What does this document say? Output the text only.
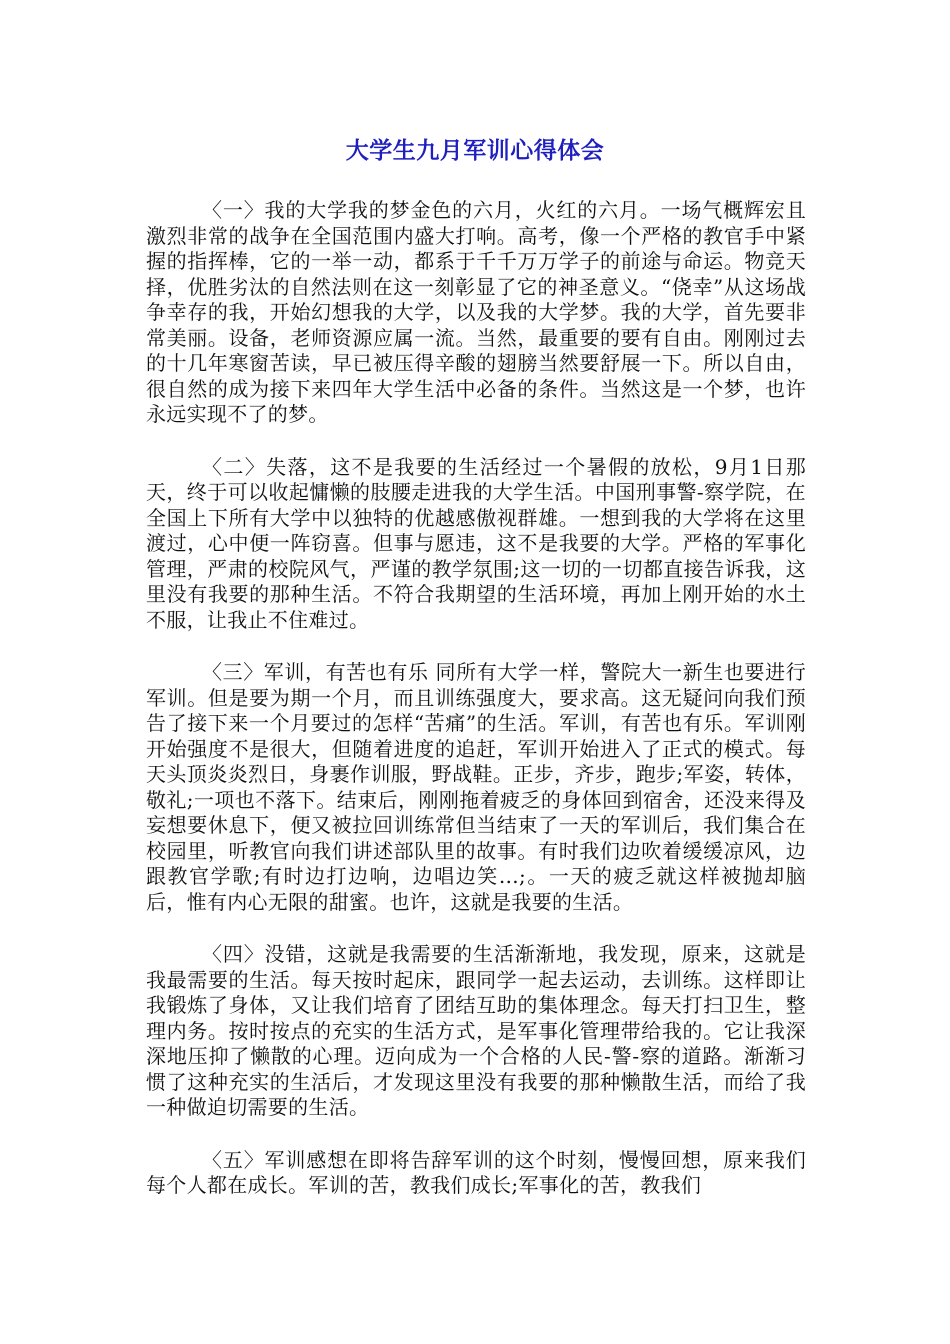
大学生九月军训心得体会

〈一〉我的大学我的梦金色的六月，火红的六月。一场气概辉宏且激烈非常的战争在全国范围内盛大打响。高考，像一个严格的教官手中紧握的指挥棒，它的一举一动，都系于千千万万学子的前途与命运。物竞天择，优胜劣汰的自然法则在这一刻彰显了它的神圣意义。“侥幸”从这场战争幸存的我，开始幻想我的大学，以及我的大学梦。我的大学，首先要非常美丽。设备，老师资源应属一流。当然，最重要的要有自由。刚刚过去的十几年寒窗苦读，早已被压得辛酸的翅膀当然要舒展一下。所以自由，很自然的成为接下来四年大学生活中必备的条件。当然这是一个梦，也许永远实现不了的梦。

〈二〉失落，这不是我要的生活经过一个暑假的放松，9月1日那天，终于可以收起慵懒的肢腰走进我的大学生活。中国刑事警-察学院，在全国上下所有大学中以独特的优越感傲视群雄。一想到我的大学将在这里渡过，心中便一阵窃喜。但事与愿违，这不是我要的大学。严格的军事化管理，严肃的校院风气，严谨的教学氛围;这一切的一切都直接告诉我，这里没有我要的那种生活。不符合我期望的生活环境，再加上刚开始的水土不服，让我止不住难过。

〈三〉军训，有苦也有乐 同所有大学一样，警院大一新生也要进行军训。但是要为期一个月，而且训练强度大，要求高。这无疑问向我们预告了接下来一个月要过的怎样“苦痛”的生活。军训，有苦也有乐。军训刚开始强度不是很大，但随着进度的追赶，军训开始进入了正式的模式。每天头顶炎炎烈日，身裹作训服，野战鞋。正步，齐步，跑步;军姿，转体，敬礼;一项也不落下。结束后，刚刚拖着疲乏的身体回到宿舍，还没来得及妄想要休息下，便又被拉回训练常但当结束了一天的军训后，我们集合在校园里，听教官向我们讲述部队里的故事。有时我们边吹着缓缓凉风，边跟教官学歌;有时边打边响，边唱边笑…;。一天的疲乏就这样被抛却脑后，惟有内心无限的甜蜜。也许，这就是我要的生活。

〈四〉没错，这就是我需要的生活渐渐地，我发现，原来，这就是我最需要的生活。每天按时起床，跟同学一起去运动，去训练。这样即让我锻炼了身体，又让我们培育了团结互助的集体理念。每天打扫卫生，整理内务。按时按点的充实的生活方式，是军事化管理带给我的。它让我深深地压抑了懒散的心理。迈向成为一个合格的人民-警-察的道路。渐渐习惯了这种充实的生活后，才发现这里没有我要的那种懒散生活，而给了我一种做迫切需要的生活。

〈五〉军训感想在即将告辞军训的这个时刻，慢慢回想，原来我们每个人都在成长。军训的苦，教我们成长;军事化的苦，教我们
